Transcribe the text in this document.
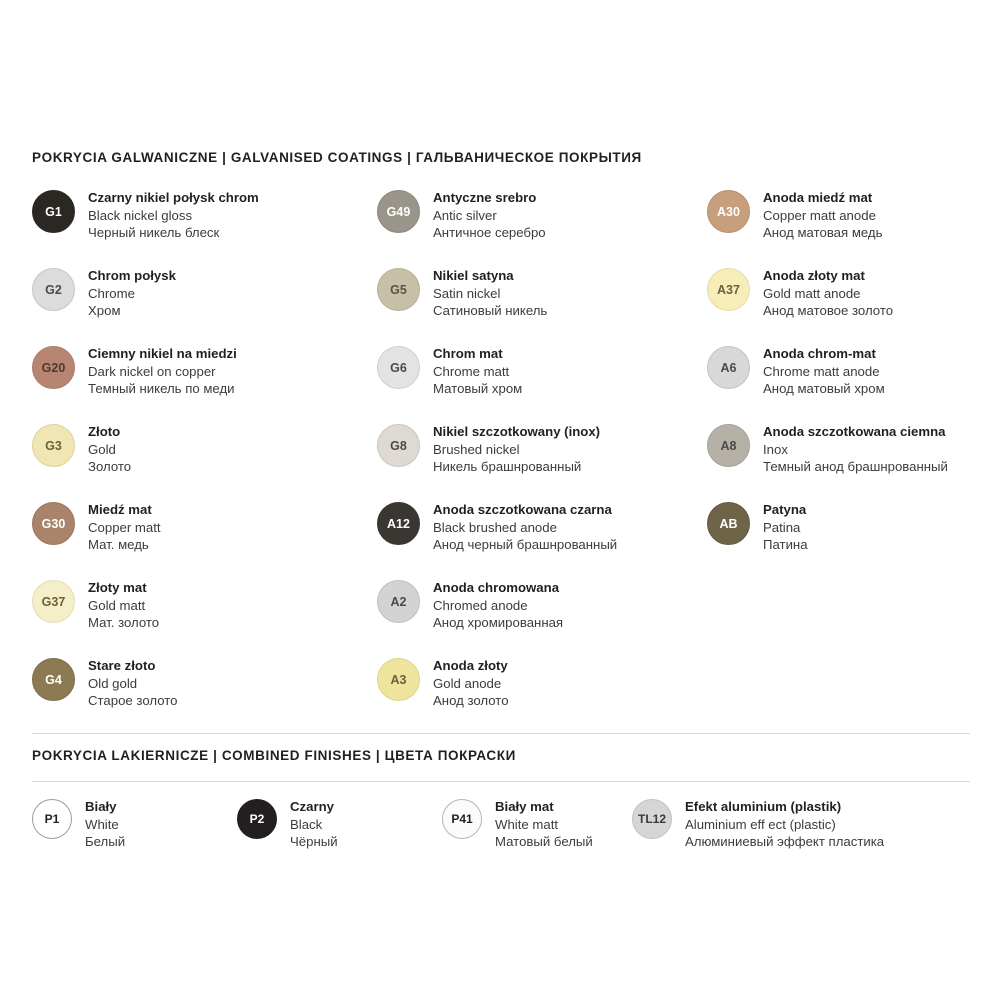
POKRYCIA GALWANICZNE | GALVANISED COATINGS | ГАЛЬВАНИЧЕСКОЕ ПОКРЫТИЯ
G1
Czarny nikiel połysk chrom
Black nickel gloss
Черный никель блеск
G2
Chrom połysk
Chrome
Хром
G20
Ciemny nikiel na miedzi
Dark nickel on copper
Темный никель по меди
G3
Złoto
Gold
Золото
G30
Miedź mat
Copper matt
Мат. медь
G37
Złoty mat
Gold matt
Мат. золото
G4
Stare złoto
Old gold
Старое золото
G49
Antyczne srebro
Antic silver
Античное серебро
G5
Nikiel satyna
Satin nickel
Сатиновый никель
G6
Chrom mat
Chrome matt
Матовый хром
G8
Nikiel szczotkowany (inox)
Brushed nickel
Никель брашнрованный
A12
Anoda szczotkowana czarna
Black brushed anode
Анод черный брашнрованный
A2
Anoda chromowana
Chromed anode
Анод хромированная
A3
Anoda złoty
Gold anode
Анод золото
A30
Anoda miedź mat
Copper matt anode
Анод матовая медь
A37
Anoda złoty mat
Gold matt anode
Анод матовое золото
A6
Anoda chrom-mat
Chrome matt anode
Анод матовый хром
A8
Anoda szczotkowana ciemna
Inox
Темный анод брашнрованный
AB
Patyna
Patina
Патина
POKRYCIA LAKIERNICZE | COMBINED FINISHES | ЦВЕТА ПОКРАСКИ
P1
Biały
White
Белый
P2
Czarny
Black
Чёрный
P41
Biały mat
White matt
Матовый белый
TL12
Efekt aluminium (plastik)
Aluminium eff ect (plastic)
Алюминиевый эффект пластика
